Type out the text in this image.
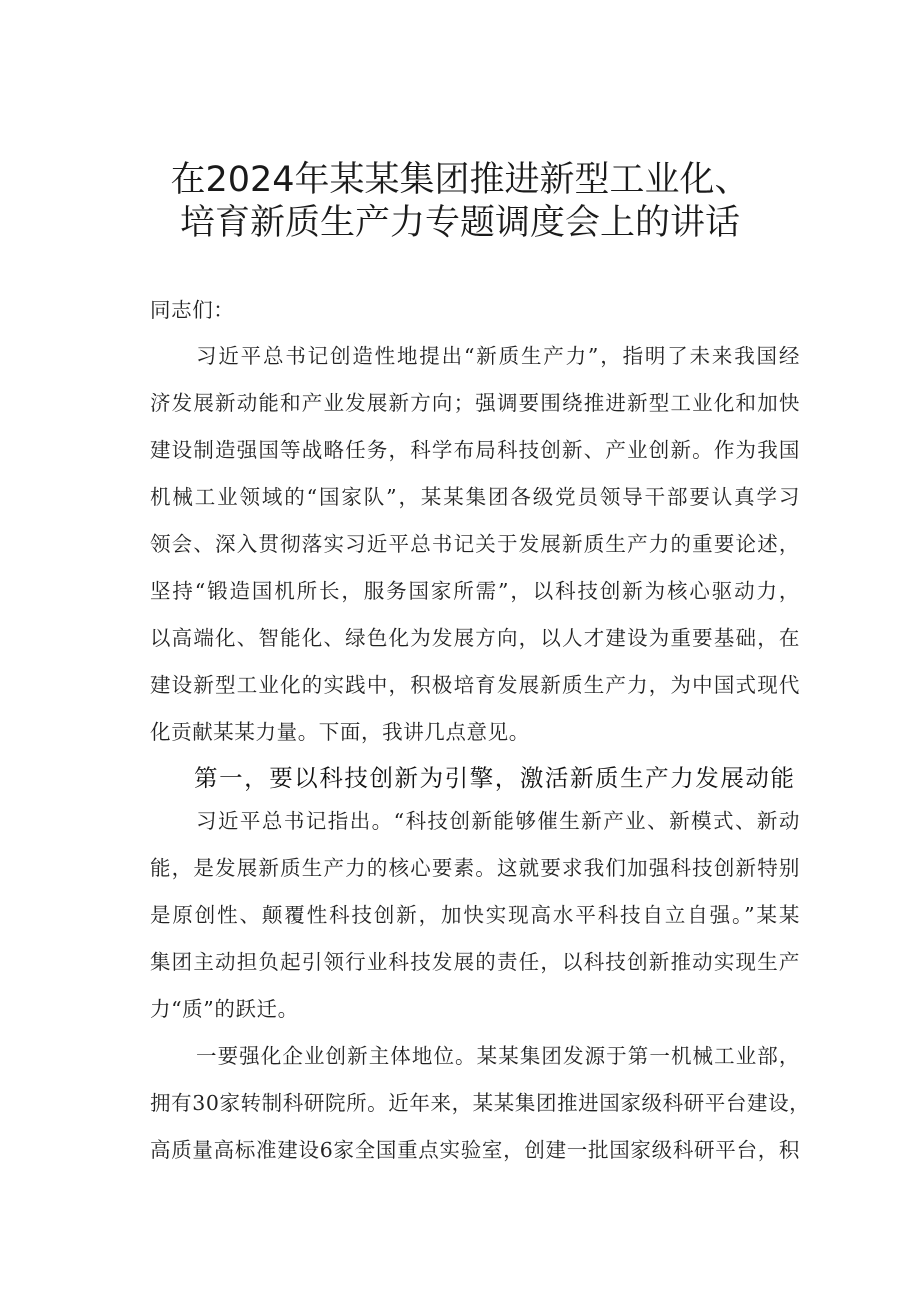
在2024年某某集团推进新型工业化、
培育新质生产力专题调度会上的讲话
同志们：
习近平总书记创造性地提出“新质生产力”，指明了未来我国经
济发展新动能和产业发展新方向；强调要围绕推进新型工业化和加快
建设制造强国等战略任务，科学布局科技创新、产业创新。作为我国
机械工业领域的“国家队”，某某集团各级党员领导干部要认真学习
领会、深入贯彻落实习近平总书记关于发展新质生产力的重要论述，
坚持“锻造国机所长，服务国家所需”，以科技创新为核心驱动力，
以高端化、智能化、绿色化为发展方向，以人才建设为重要基础，在
建设新型工业化的实践中，积极培育发展新质生产力，为中国式现代
化贡献某某力量。下面，我讲几点意见。
第一，要以科技创新为引擎，激活新质生产力发展动能
习近平总书记指出。“科技创新能够催生新产业、新模式、新动
能，是发展新质生产力的核心要素。这就要求我们加强科技创新特别
是原创性、颠覆性科技创新，加快实现高水平科技自立自强。”某某
集团主动担负起引领行业科技发展的责任，以科技创新推动实现生产
力“质”的跃迁。
一要强化企业创新主体地位。某某集团发源于第一机械工业部，
拥有30家转制科研院所。近年来，某某集团推进国家级科研平台建设，
高质量高标准建设6家全国重点实验室，创建一批国家级科研平台，积
